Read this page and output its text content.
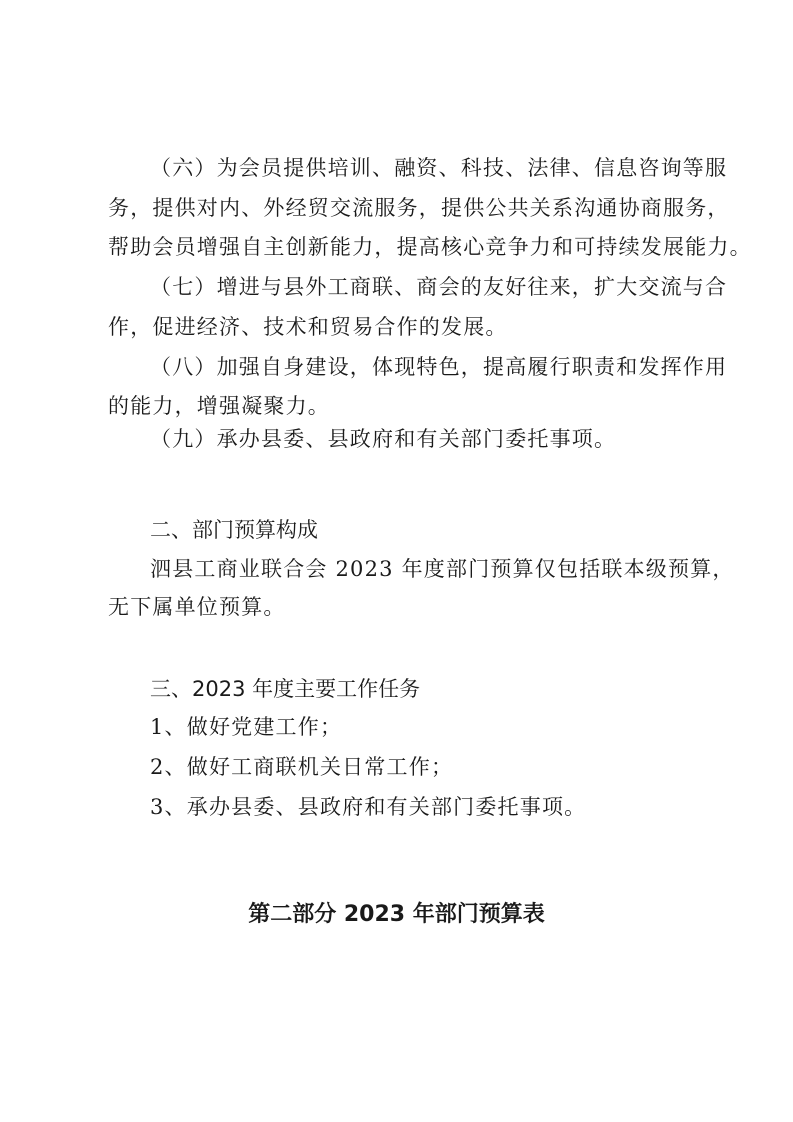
（六）为会员提供培训、融资、科技、法律、信息咨询等服
务，提供对内、外经贸交流服务，提供公共关系沟通协商服务，
帮助会员增强自主创新能力，提高核心竞争力和可持续发展能力。
（七）增进与县外工商联、商会的友好往来，扩大交流与合
作，促进经济、技术和贸易合作的发展。
（八）加强自身建设，体现特色，提高履行职责和发挥作用
的能力，增强凝聚力。
（九）承办县委、县政府和有关部门委托事项。
二、部门预算构成
泗县工商业联合会 2023 年度部门预算仅包括联本级预算，
无下属单位预算。
三、2023 年度主要工作任务
1、做好党建工作；
2、做好工商联机关日常工作；
3、承办县委、县政府和有关部门委托事项。
第二部分 2023 年部门预算表
